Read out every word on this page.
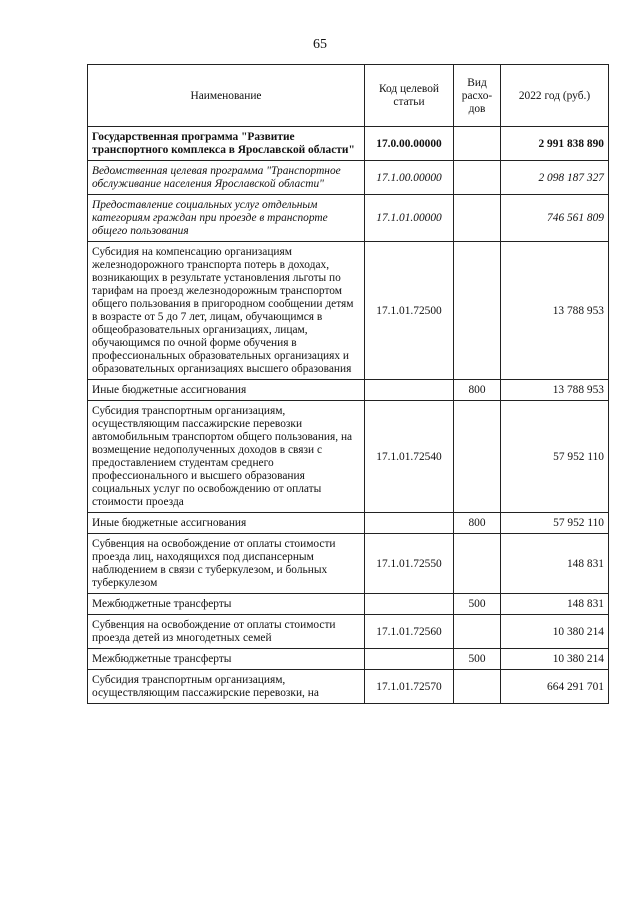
65
Наименование	Код целевой статьи	Вид расхо-дов	2022 год (руб.)
Государственная программа "Развитие транспортного комплекса в Ярославской области"	17.0.00.00000		2 991 838 890
Ведомственная целевая программа "Транспортное обслуживание населения Ярославской области"	17.1.00.00000		2 098 187 327
Предоставление социальных услуг отдельным категориям граждан при проезде в транспорте общего пользования	17.1.01.00000		746 561 809
Субсидия на компенсацию организациям железнодорожного транспорта потерь в доходах, возникающих в результате установления льготы по тарифам на проезд железнодорожным транспортом общего пользования в пригородном сообщении детям в возрасте от 5 до 7 лет, лицам, обучающимся в общеобразовательных организациях, лицам, обучающимся по очной форме обучения в профессиональных образовательных организациях и образовательных организациях высшего образования	17.1.01.72500		13 788 953
Иные бюджетные ассигнования		800	13 788 953
Субсидия транспортным организациям, осуществляющим пассажирские перевозки автомобильным транспортом общего пользования, на возмещение недополученных доходов в связи с предоставлением студентам среднего профессионального и высшего образования социальных услуг по освобождению от оплаты стоимости проезда	17.1.01.72540		57 952 110
Иные бюджетные ассигнования		800	57 952 110
Субвенция на освобождение от оплаты стоимости проезда лиц, находящихся под диспансерным наблюдением в связи с туберкулезом, и больных туберкулезом	17.1.01.72550		148 831
Межбюджетные трансферты		500	148 831
Субвенция на освобождение от оплаты стоимости проезда детей из многодетных семей	17.1.01.72560		10 380 214
Межбюджетные трансферты		500	10 380 214
Субсидия транспортным организациям, осуществляющим пассажирские перевозки, на	17.1.01.72570		664 291 701
